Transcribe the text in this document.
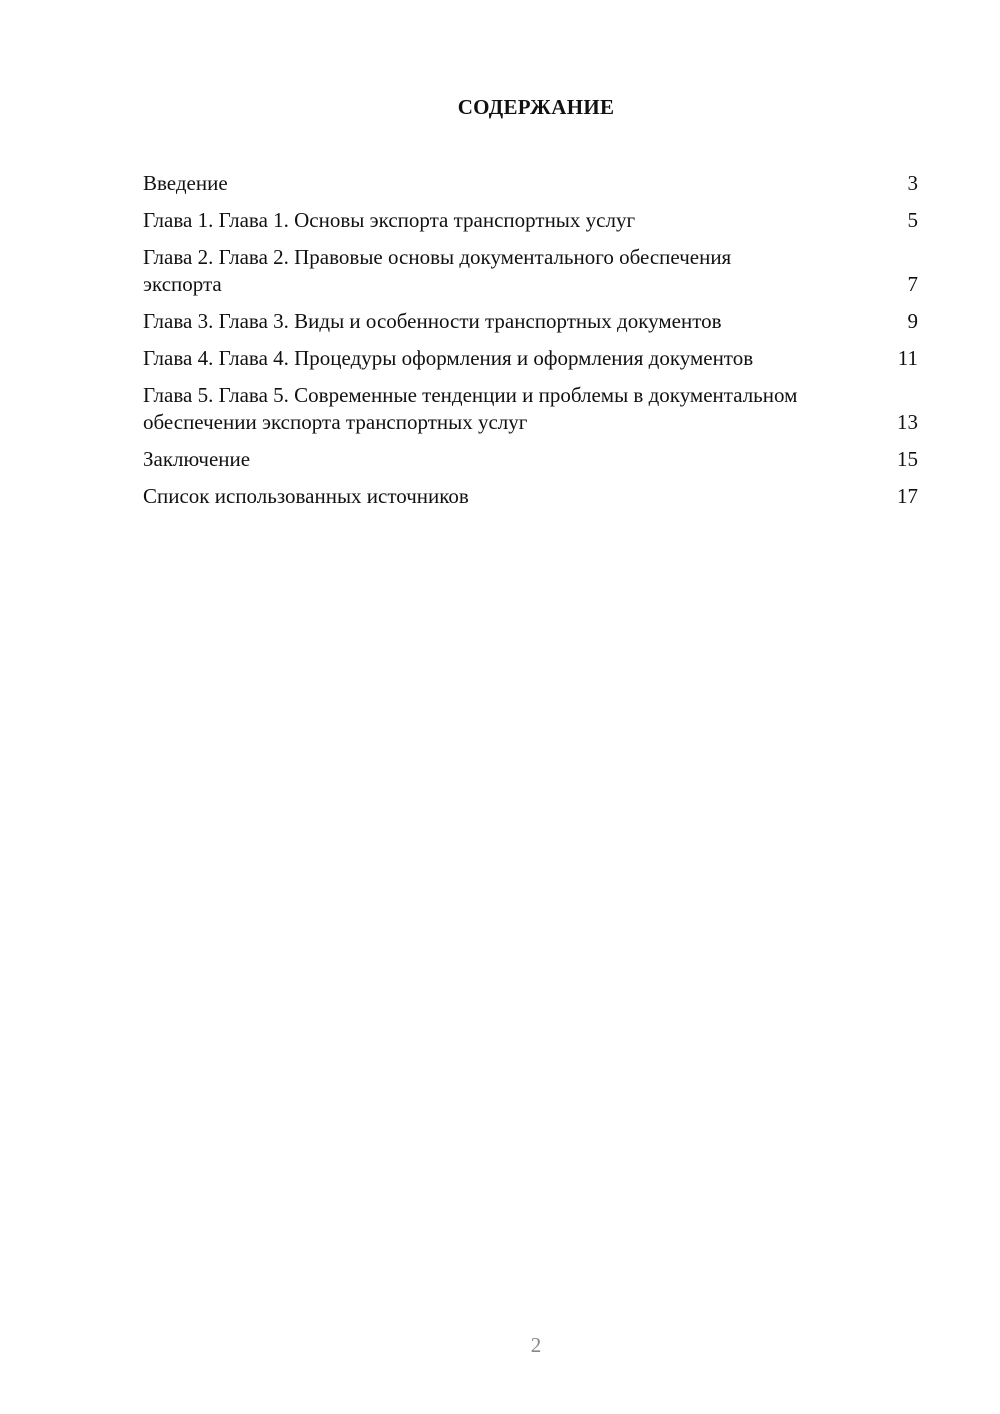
СОДЕРЖАНИЕ
Введение	3
Глава 1. Глава 1. Основы экспорта транспортных услуг	5
Глава 2. Глава 2. Правовые основы документального обеспечения экспорта	7
Глава 3. Глава 3. Виды и особенности транспортных документов	9
Глава 4. Глава 4. Процедуры оформления и оформления документов	11
Глава 5. Глава 5. Современные тенденции и проблемы в документальном обеспечении экспорта транспортных услуг	13
Заключение	15
Список использованных источников	17
2
